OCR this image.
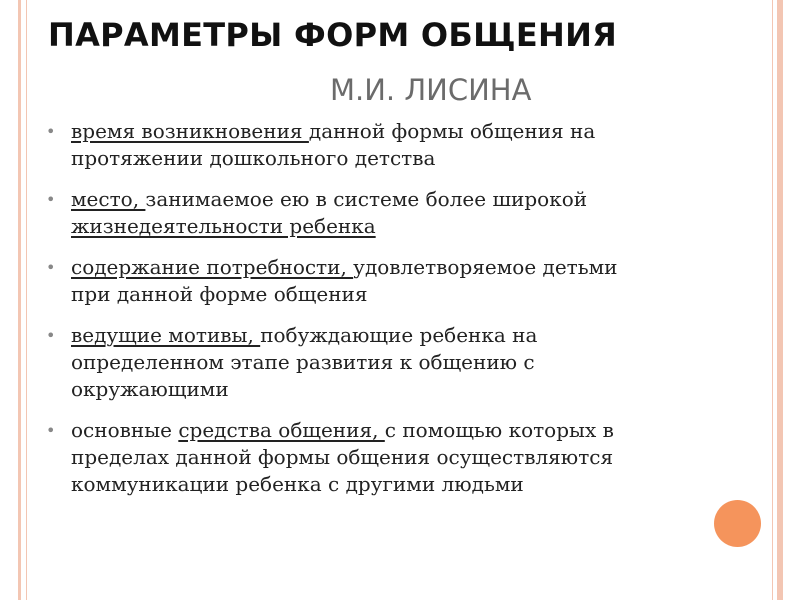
ПАРАМЕТРЫ ФОРМ ОБЩЕНИЯ
М.И. ЛИСИНА
• время возникновения данной формы общения на
протяжении дошкольного детства
• место, занимаемое ею в системе более широкой
жизнедеятельности ребенка
• содержание потребности, удовлетворяемое детьми
при данной форме общения
• ведущие мотивы, побуждающие ребенка на
определенном этапе развития к общению с
окружающими
• основные средства общения, с помощью которых в
пределах данной формы общения осуществляются
коммуникации ребенка с другими людьми
